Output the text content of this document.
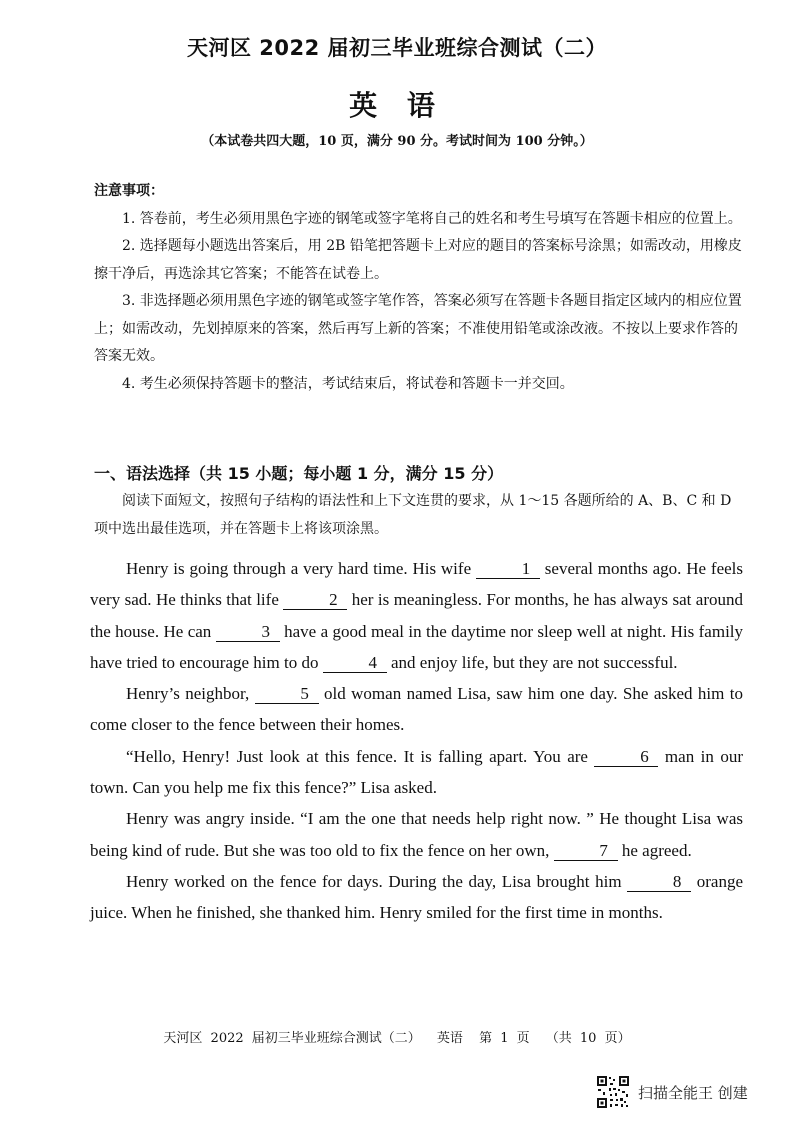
天河区 2022 届初三毕业班综合测试（二）
英 语
（本试卷共四大题，10 页，满分 90 分。考试时间为 100 分钟。）
注意事项：
1. 答卷前，考生必须用黑色字迹的钢笔或签字笔将自己的姓名和考生号填写在答题卡相应的位置上。
2. 选择题每小题选出答案后，用 2B 铅笔把答题卡上对应的题目的答案标号涂黑；如需改动，用橡皮擦干净后，再选涂其它答案；不能答在试卷上。
3. 非选择题必须用黑色字迹的钢笔或签字笔作答，答案必须写在答题卡各题目指定区域内的相应位置上；如需改动，先划掉原来的答案，然后再写上新的答案；不准使用铅笔或涂改液。不按以上要求作答的答案无效。
4. 考生必须保持答题卡的整洁，考试结束后，将试卷和答题卡一并交回。
一、语法选择（共 15 小题；每小题 1 分，满分 15 分）
阅读下面短文，按照句子结构的语法性和上下文连贯的要求，从 1～15 各题所给的 A、B、C 和 D 项中选出最佳选项，并在答题卡上将该项涂黑。

Henry is going through a very hard time. His wife	1 several months ago. He feels very sad. He thinks that life	2 her is meaningless. For months, he has always sat around the house. He can	3 have a good meal in the daytime nor sleep well at night. His family have tried to encourage him to do	4 and enjoy life, but they are not successful.

Henry’s neighbor,	5 old woman named Lisa, saw him one day. She asked him to come closer to the fence between their homes.

“Hello, Henry! Just look at this fence. It is falling apart. You are	6 man in our town. Can you help me fix this fence?” Lisa asked.

Henry was angry inside. “I am the one that needs help right now. ” He thought Lisa was being kind of rude. But she was too old to fix the fence on her own,	7 he agreed.

Henry worked on the fence for days. During the day, Lisa brought him	8 orange juice. When he finished, she thanked him. Henry smiled for the first time in months.

天河区 2022 届初三毕业班综合测试（二） 英语 第 1 页 （共 10 页）
扫描全能王 创建
